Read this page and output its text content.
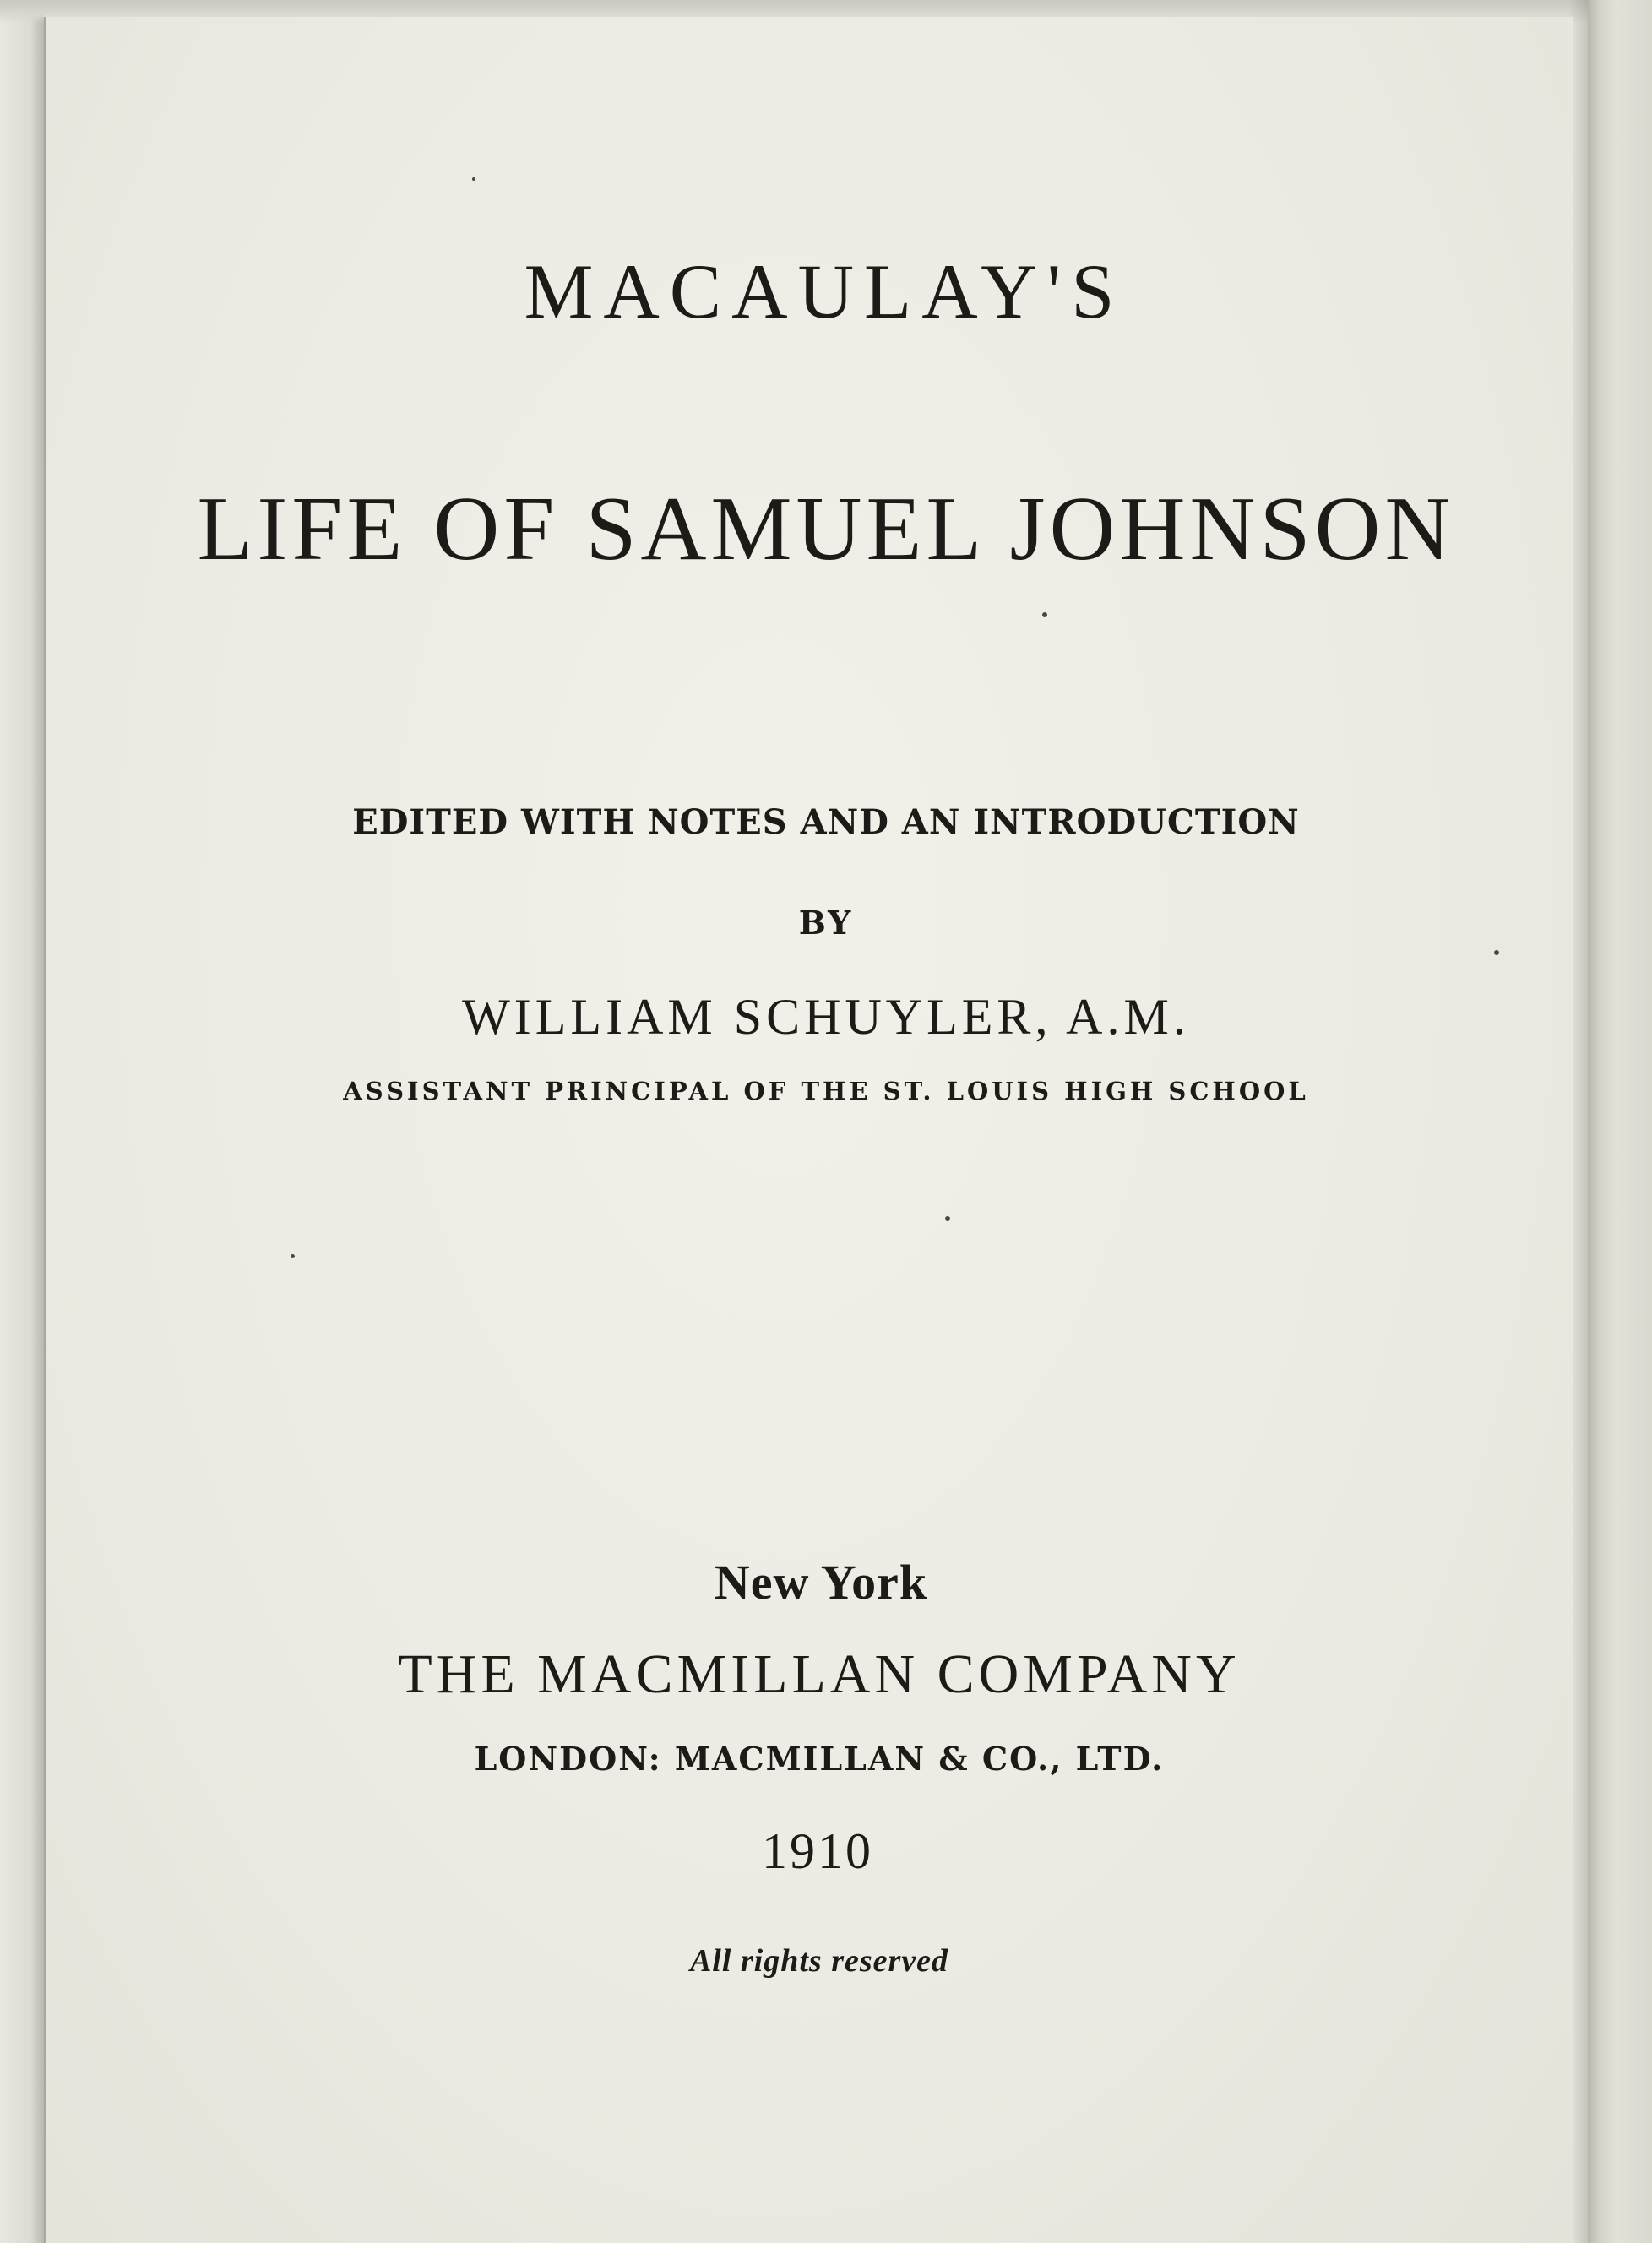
MACAULAY'S
LIFE OF SAMUEL JOHNSON
EDITED WITH NOTES AND AN INTRODUCTION
BY
WILLIAM SCHUYLER, A.M.
ASSISTANT PRINCIPAL OF THE ST. LOUIS HIGH SCHOOL
New York
THE MACMILLAN COMPANY
LONDON: MACMILLAN & CO., LTD.
1910
All rights reserved
